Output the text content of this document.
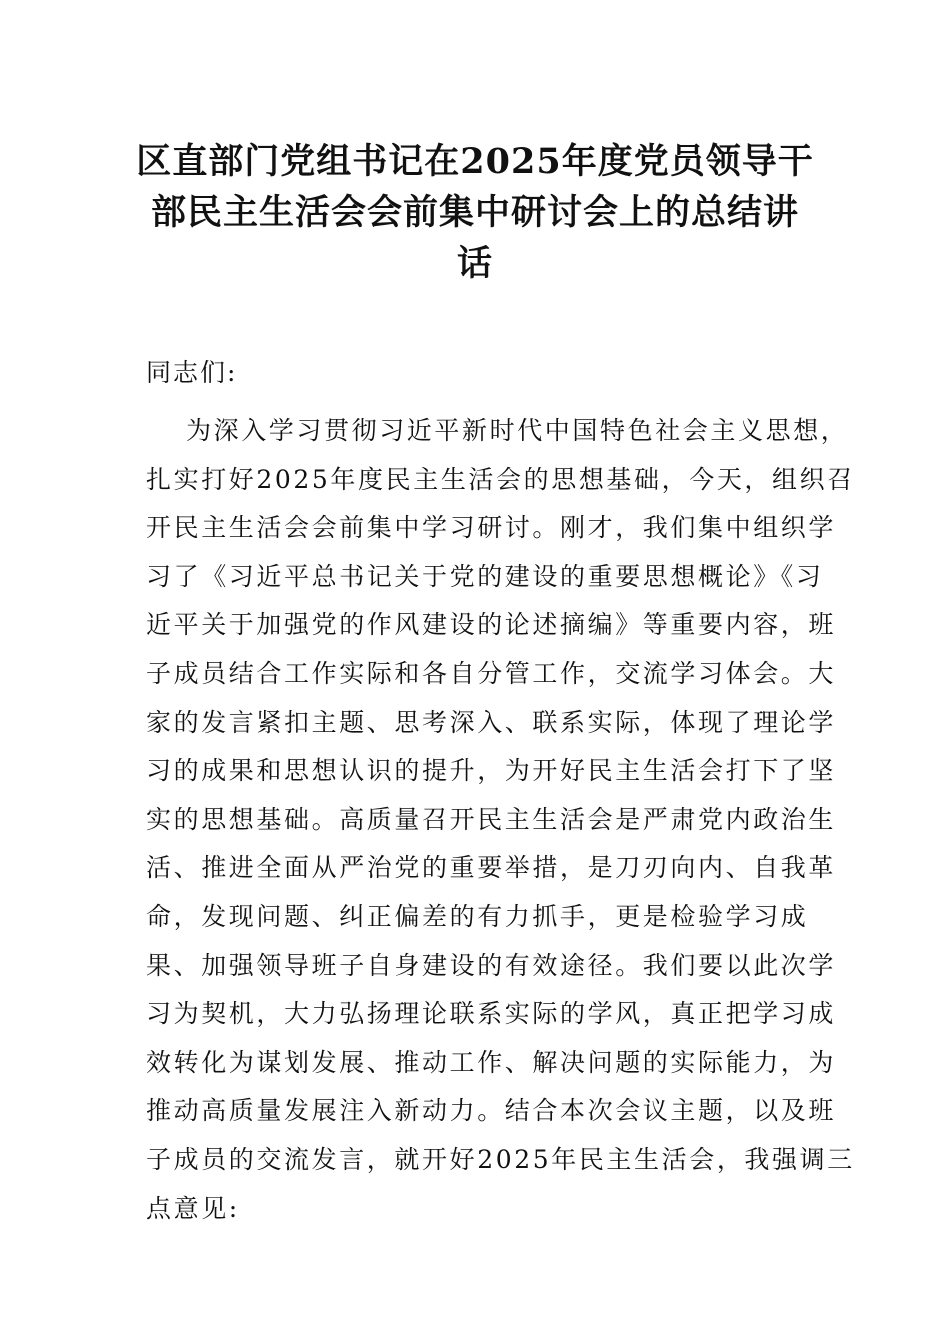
区直部门党组书记在2025年度党员领导干
部民主生活会会前集中研讨会上的总结讲
话

同志们:

为深入学习贯彻习近平新时代中国特色社会主义思想，
扎实打好2025年度民主生活会的思想基础，今天，组织召
开民主生活会会前集中学习研讨。刚才，我们集中组织学
习了《习近平总书记关于党的建设的重要思想概论》《习
近平关于加强党的作风建设的论述摘编》等重要内容，班
子成员结合工作实际和各自分管工作，交流学习体会。大
家的发言紧扣主题、思考深入、联系实际，体现了理论学
习的成果和思想认识的提升，为开好民主生活会打下了坚
实的思想基础。高质量召开民主生活会是严肃党内政治生
活、推进全面从严治党的重要举措，是刀刃向内、自我革
命，发现问题、纠正偏差的有力抓手，更是检验学习成
果、加强领导班子自身建设的有效途径。我们要以此次学
习为契机，大力弘扬理论联系实际的学风，真正把学习成
效转化为谋划发展、推动工作、解决问题的实际能力，为
推动高质量发展注入新动力。结合本次会议主题，以及班
子成员的交流发言，就开好2025年民主生活会，我强调三
点意见:
